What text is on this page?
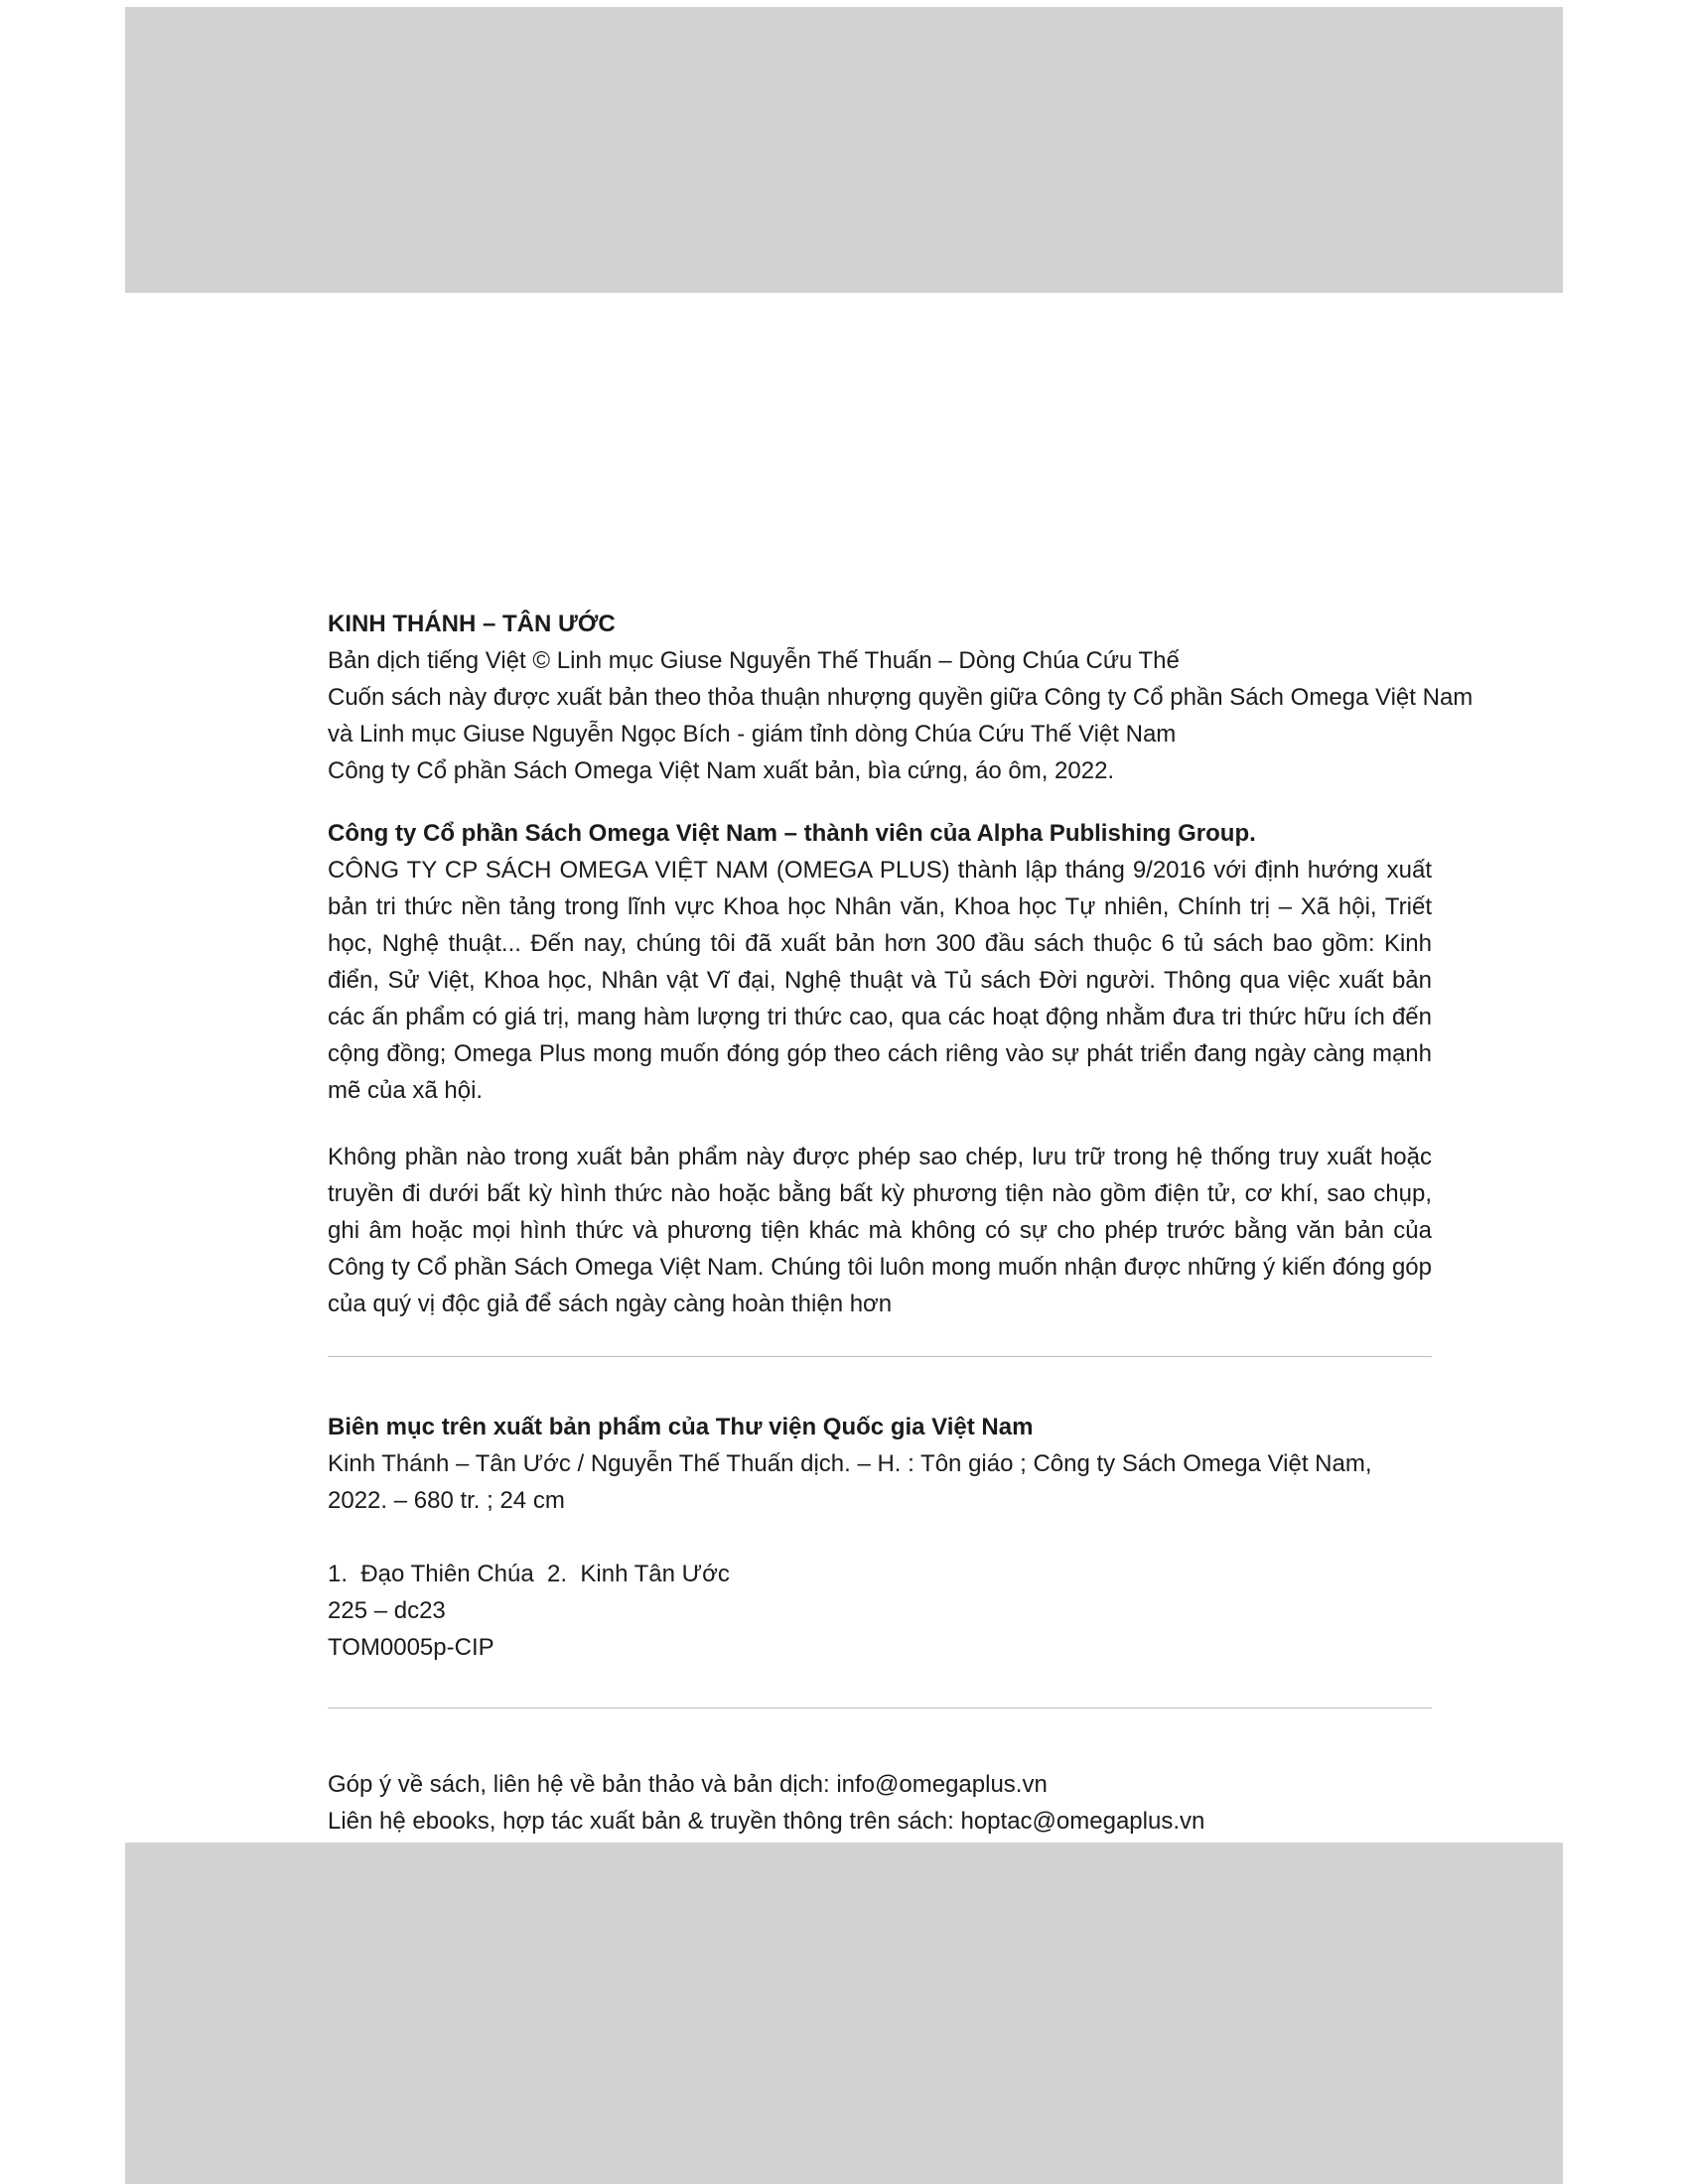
KINH THÁNH – TÂN ƯỚC
Bản dịch tiếng Việt © Linh mục Giuse Nguyễn Thế Thuấn – Dòng Chúa Cứu Thế
Cuốn sách này được xuất bản theo thỏa thuận nhượng quyền giữa Công ty Cổ phần Sách Omega Việt Nam
và Linh mục Giuse Nguyễn Ngọc Bích - giám tỉnh dòng Chúa Cứu Thế Việt Nam
Công ty Cổ phần Sách Omega Việt Nam xuất bản, bìa cứng, áo ôm, 2022.
Công ty Cổ phần Sách Omega Việt Nam – thành viên của Alpha Publishing Group.

CÔNG TY CP SÁCH OMEGA VIỆT NAM (OMEGA PLUS) thành lập tháng 9/2016 với định hướng xuất bản tri thức nền tảng trong lĩnh vực Khoa học Nhân văn, Khoa học Tự nhiên, Chính trị – Xã hội, Triết học, Nghệ thuật... Đến nay, chúng tôi đã xuất bản hơn 300 đầu sách thuộc 6 tủ sách bao gồm: Kinh điển, Sử Việt, Khoa học, Nhân vật Vĩ đại, Nghệ thuật và Tủ sách Đời người. Thông qua việc xuất bản các ấn phẩm có giá trị, mang hàm lượng tri thức cao, qua các hoạt động nhằm đưa tri thức hữu ích đến cộng đồng; Omega Plus mong muốn đóng góp theo cách riêng vào sự phát triển đang ngày càng mạnh mẽ của xã hội.

Không phần nào trong xuất bản phẩm này được phép sao chép, lưu trữ trong hệ thống truy xuất hoặc truyền đi dưới bất kỳ hình thức nào hoặc bằng bất kỳ phương tiện nào gồm điện tử, cơ khí, sao chụp, ghi âm hoặc mọi hình thức và phương tiện khác mà không có sự cho phép trước bằng văn bản của Công ty Cổ phần Sách Omega Việt Nam. Chúng tôi luôn mong muốn nhận được những ý kiến đóng góp của quý vị độc giả để sách ngày càng hoàn thiện hơn

Biên mục trên xuất bản phẩm của Thư viện Quốc gia Việt Nam

Kinh Thánh – Tân Ước / Nguyễn Thế Thuấn dịch. – H. : Tôn giáo ; Công ty Sách Omega Việt Nam, 2022. – 680 tr. ; 24 cm

1.  Đạo Thiên Chúa  2.  Kinh Tân Ước
225 – dc23
TOM0005p-CIP
Góp ý về sách, liên hệ về bản thảo và bản dịch: info@omegaplus.vn
Liên hệ ebooks, hợp tác xuất bản & truyền thông trên sách: hoptac@omegaplus.vn
